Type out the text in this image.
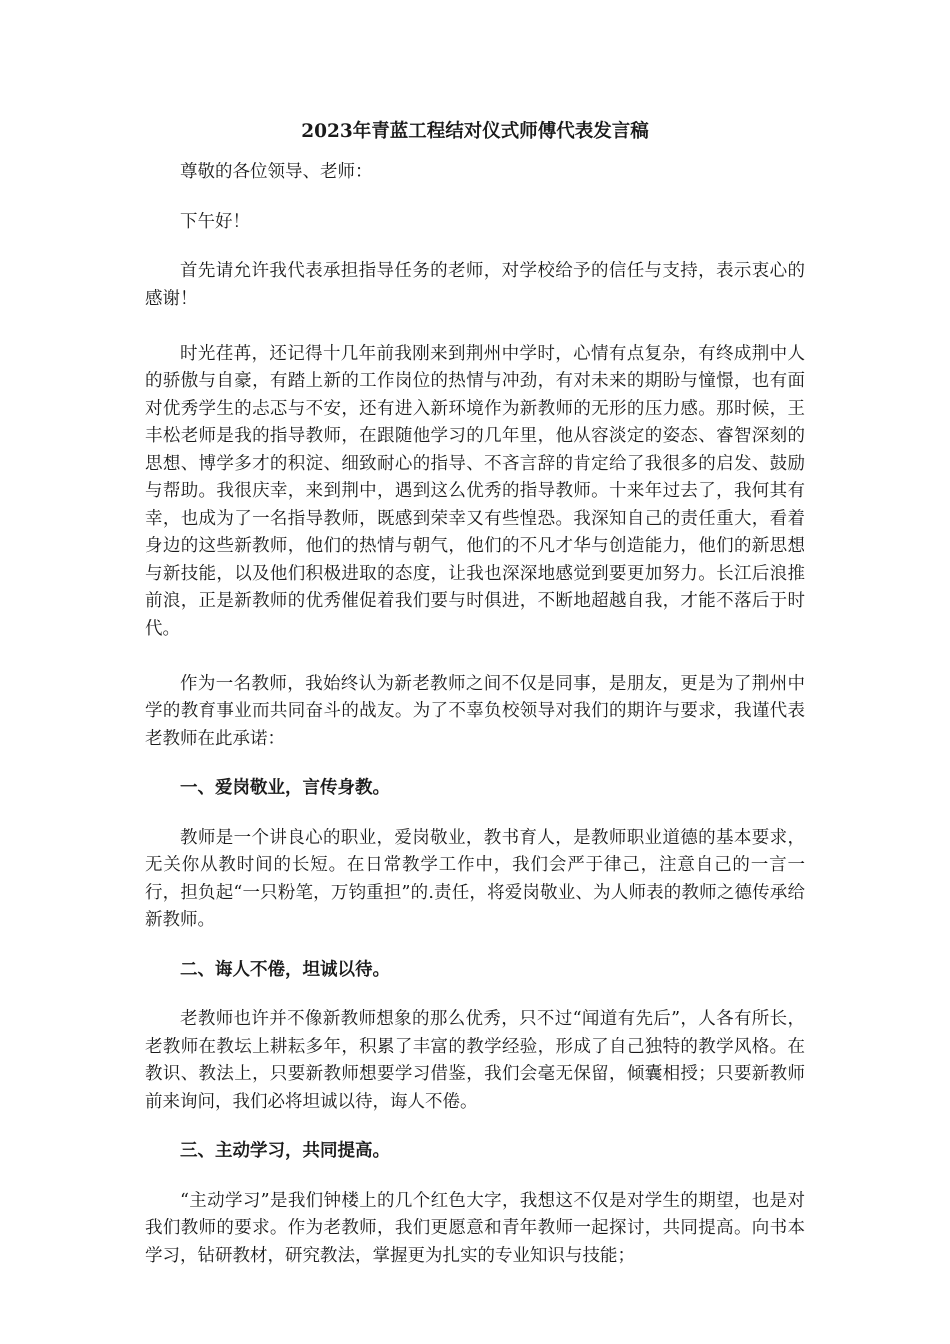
2023年青蓝工程结对仪式师傅代表发言稿

尊敬的各位领导、老师：

下午好！

首先请允许我代表承担指导任务的老师，对学校给予的信任与支持，表示衷心的感谢！

时光荏苒，还记得十几年前我刚来到荆州中学时，心情有点复杂，有终成荆中人的骄傲与自豪，有踏上新的工作岗位的热情与冲劲，有对未来的期盼与憧憬，也有面对优秀学生的忐忑与不安，还有进入新环境作为新教师的无形的压力感。那时候，王丰松老师是我的指导教师，在跟随他学习的几年里，他从容淡定的姿态、睿智深刻的思想、博学多才的积淀、细致耐心的指导、不吝言辞的肯定给了我很多的启发、鼓励与帮助。我很庆幸，来到荆中，遇到这么优秀的指导教师。十来年过去了，我何其有幸，也成为了一名指导教师，既感到荣幸又有些惶恐。我深知自己的责任重大，看着身边的这些新教师，他们的热情与朝气，他们的不凡才华与创造能力，他们的新思想与新技能，以及他们积极进取的态度，让我也深深地感觉到要更加努力。长江后浪推前浪，正是新教师的优秀催促着我们要与时俱进，不断地超越自我，才能不落后于时代。

作为一名教师，我始终认为新老教师之间不仅是同事，是朋友，更是为了荆州中学的教育事业而共同奋斗的战友。为了不辜负校领导对我们的期许与要求，我谨代表老教师在此承诺：

一、爱岗敬业，言传身教。

教师是一个讲良心的职业，爱岗敬业，教书育人，是教师职业道德的基本要求，无关你从教时间的长短。在日常教学工作中，我们会严于律己，注意自己的一言一行，担负起“一只粉笔，万钧重担”的.责任，将爱岗敬业、为人师表的教师之德传承给新教师。

二、诲人不倦，坦诚以待。

老教师也许并不像新教师想象的那么优秀，只不过“闻道有先后”，人各有所长，老教师在教坛上耕耘多年，积累了丰富的教学经验，形成了自己独特的教学风格。在教识、教法上，只要新教师想要学习借鉴，我们会毫无保留，倾囊相授；只要新教师前来询问，我们必将坦诚以待，诲人不倦。

三、主动学习，共同提高。

“主动学习”是我们钟楼上的几个红色大字，我想这不仅是对学生的期望，也是对我们教师的要求。作为老教师，我们更愿意和青年教师一起探讨，共同提高。向书本学习，钻研教材，研究教法，掌握更为扎实的专业知识与技能；
